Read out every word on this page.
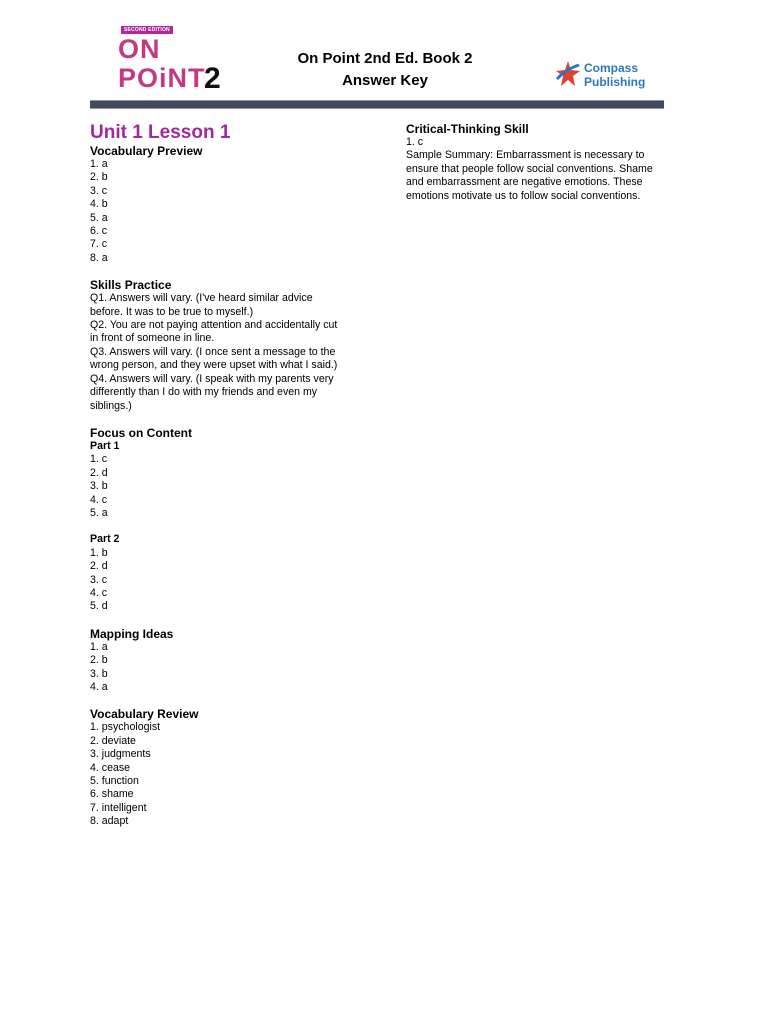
SECOND EDITION
ON
POiNT
2
On Point 2nd Ed. Book 2
Answer Key
Compass
Publishing
Unit 1 Lesson 1
Vocabulary Preview
1. a
2. b
3. c
4. b
5. a
6. c
7. c
8. a
Skills Practice
Q1. Answers will vary. (I've heard similar advice
before. It was to be true to myself.)
Q2. You are not paying attention and accidentally cut
in front of someone in line.
Q3. Answers will vary. (I once sent a message to the
wrong person, and they were upset with what I said.)
Q4. Answers will vary. (I speak with my parents very
differently than I do with my friends and even my
siblings.)
Focus on Content
Part 1
1. c
2. d
3. b
4. c
5. a
Part 2
1. b
2. d
3. c
4. c
5. d
Mapping Ideas
1. a
2. b
3. b
4. a
Vocabulary Review
1. psychologist
2. deviate
3. judgments
4. cease
5. function
6. shame
7. intelligent
8. adapt
Critical-Thinking Skill
1. c
Sample Summary: Embarrassment is necessary to
ensure that people follow social conventions. Shame
and embarrassment are negative emotions. These
emotions motivate us to follow social conventions.
